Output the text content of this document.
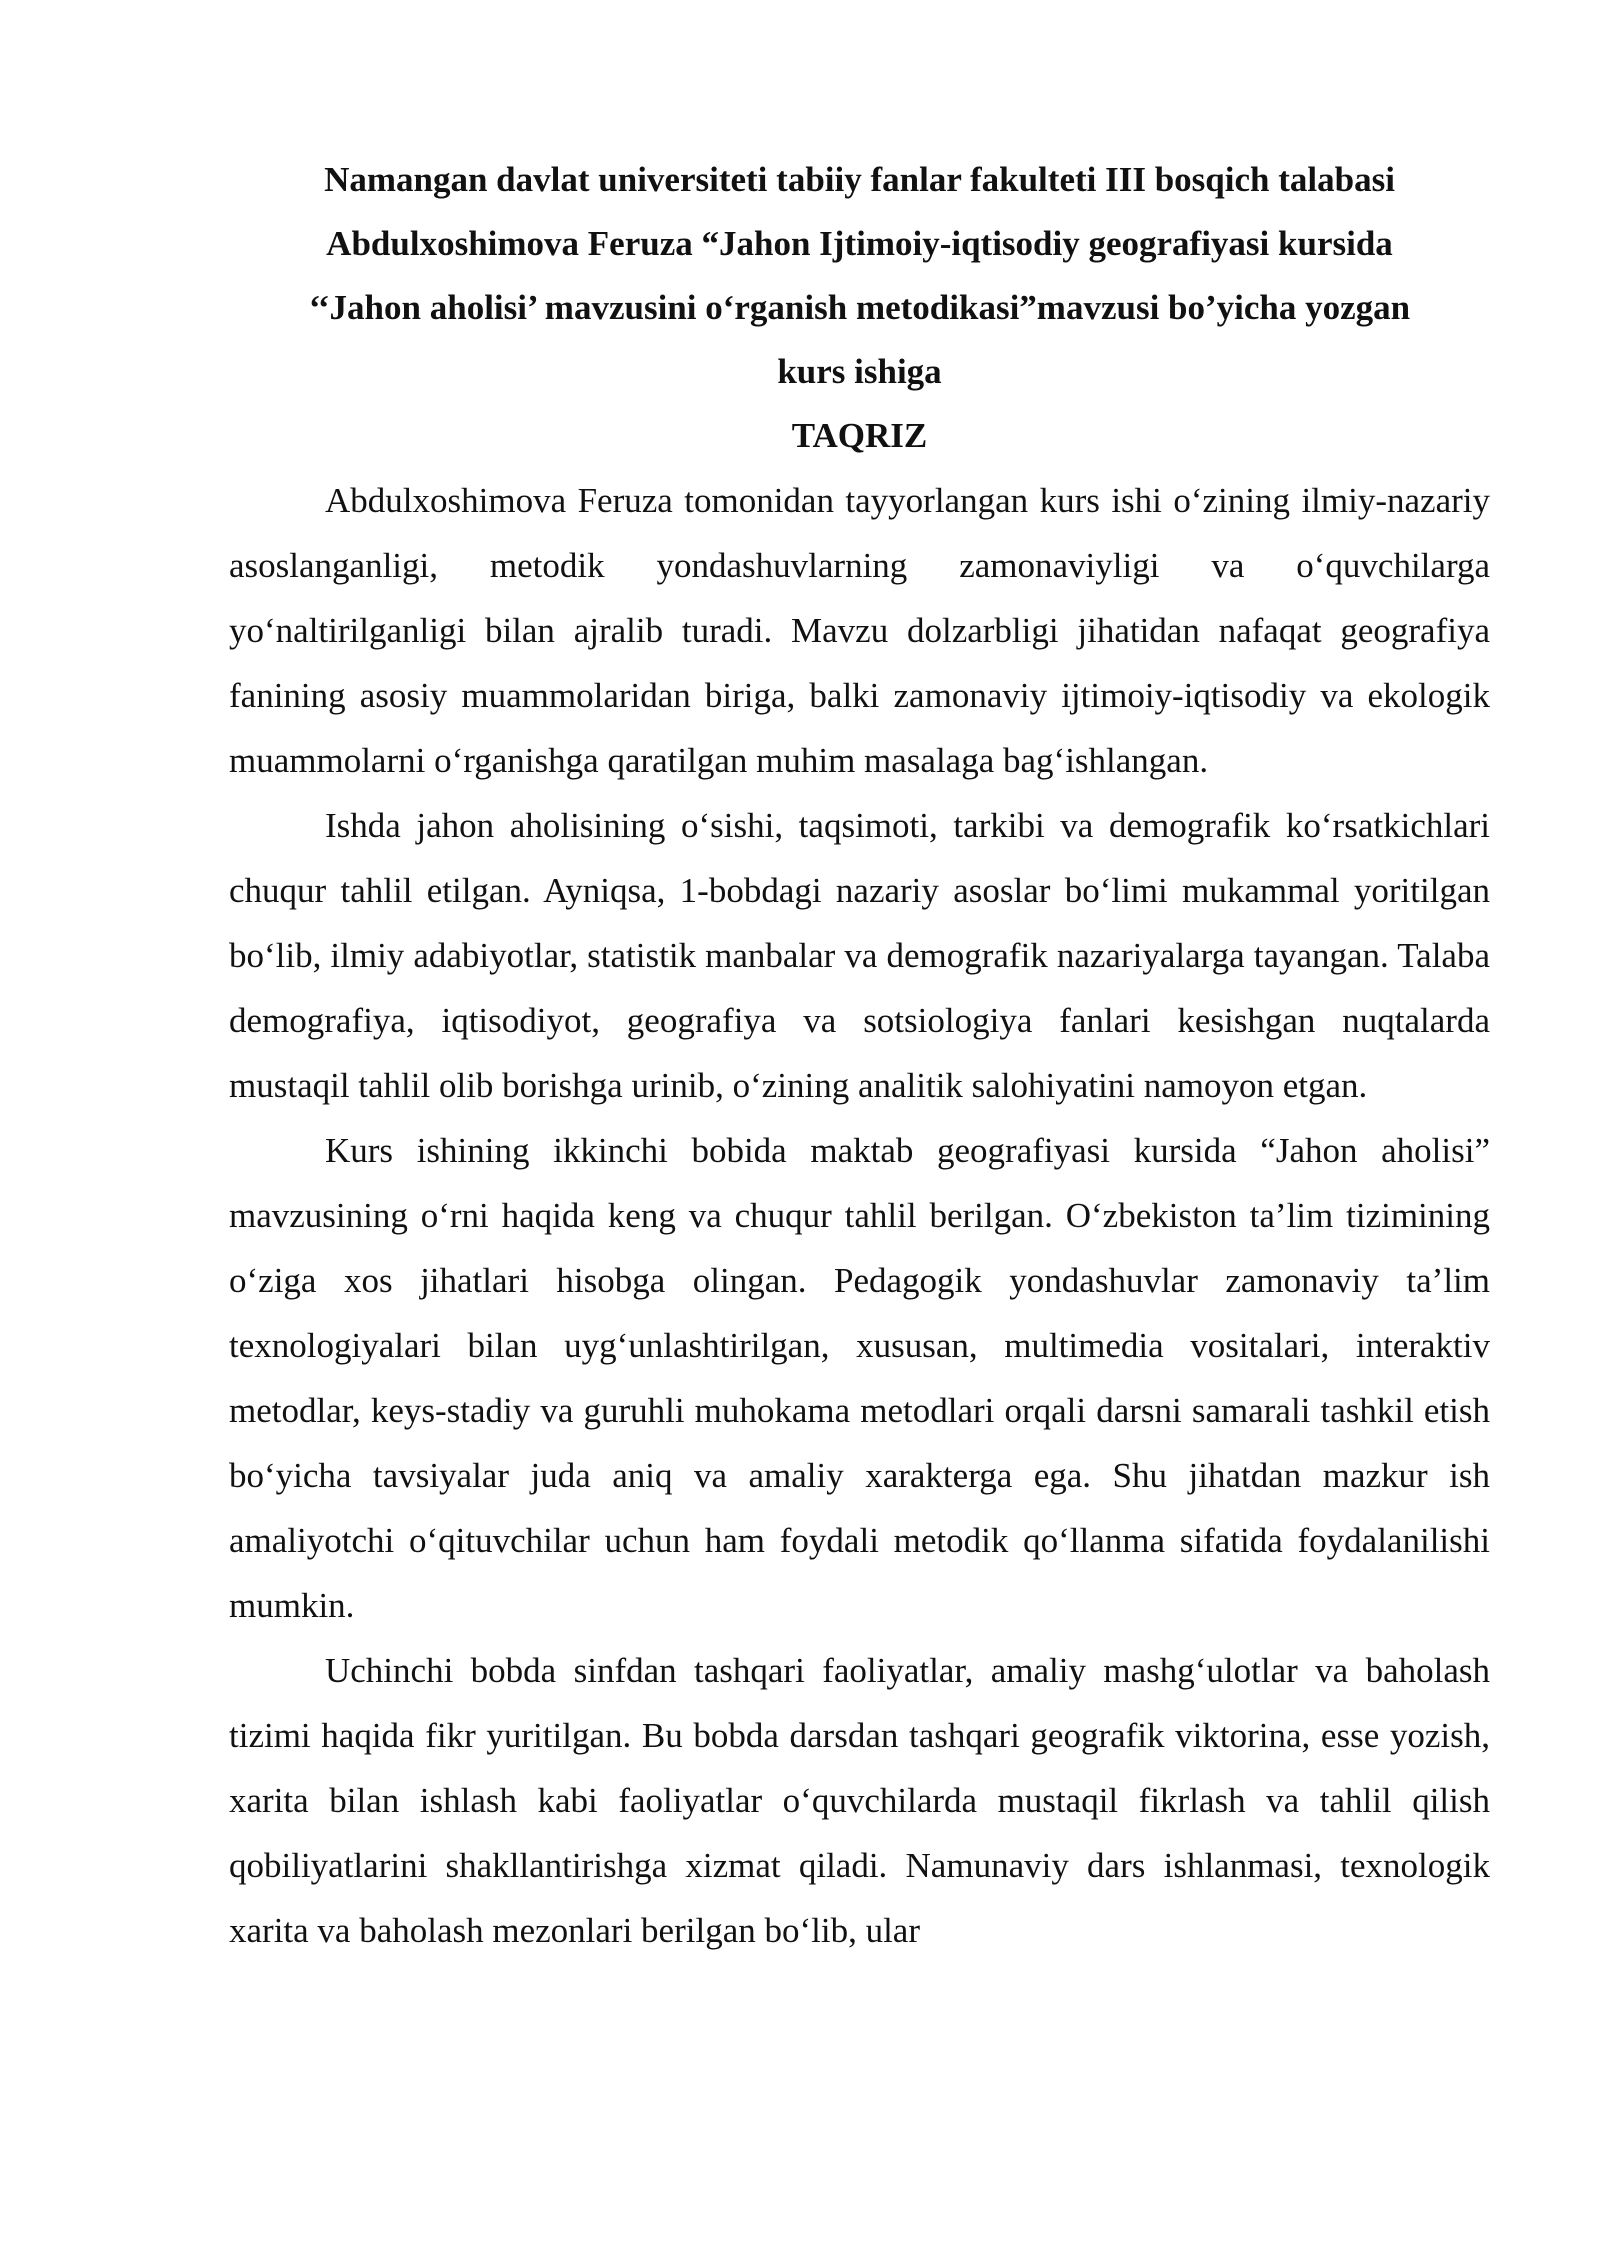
Namangan davlat universiteti tabiiy fanlar fakulteti III bosqich talabasi
Abdulxoshimova Feruza “Jahon Ijtimoiy-iqtisodiy geografiyasi kursida
‘‘Jahon aholisi’ mavzusini o‘rganish metodikasi”mavzusi bo’yicha yozgan
kurs ishiga
TAQRIZ

Abdulxoshimova Feruza tomonidan tayyorlangan kurs ishi o‘zining ilmiy-nazariy asoslanganligi, metodik yondashuvlarning zamonaviyligi va o‘quvchilarga yo‘naltirilganligi bilan ajralib turadi. Mavzu dolzarbligi jihatidan nafaqat geografiya fanining asosiy muammolaridan biriga, balki zamonaviy ijtimoiy-iqtisodiy va ekologik muammolarni o‘rganishga qaratilgan muhim masalaga bag‘ishlangan.

Ishda jahon aholisining o‘sishi, taqsimoti, tarkibi va demografik ko‘rsatkichlari chuqur tahlil etilgan. Ayniqsa, 1-bobdagi nazariy asoslar bo‘limi mukammal yoritilgan bo‘lib, ilmiy adabiyotlar, statistik manbalar va demografik nazariyalarga tayangan. Talaba demografiya, iqtisodiyot, geografiya va sotsiologiya fanlari kesishgan nuqtalarda mustaqil tahlil olib borishga urinib, o‘zining analitik salohiyatini namoyon etgan.

Kurs ishining ikkinchi bobida maktab geografiyasi kursida “Jahon aholisi” mavzusining o‘rni haqida keng va chuqur tahlil berilgan. O‘zbekiston ta’lim tizimining o‘ziga xos jihatlari hisobga olingan. Pedagogik yondashuvlar zamonaviy ta’lim texnologiyalari bilan uyg‘unlashtirilgan, xususan, multimedia vositalari, interaktiv metodlar, keys-stadiy va guruhli muhokama metodlari orqali darsni samarali tashkil etish bo‘yicha tavsiyalar juda aniq va amaliy xarakterga ega. Shu jihatdan mazkur ish amaliyotchi o‘qituvchilar uchun ham foydali metodik qo‘llanma sifatida foydalanilishi mumkin.

Uchinchi bobda sinfdan tashqari faoliyatlar, amaliy mashg‘ulotlar va baholash tizimi haqida fikr yuritilgan. Bu bobda darsdan tashqari geografik viktorina, esse yozish, xarita bilan ishlash kabi faoliyatlar o‘quvchilarda mustaqil fikrlash va tahlil qilish qobiliyatlarini shakllantirishga xizmat qiladi. Namunaviy dars ishlanmasi, texnologik xarita va baholash mezonlari berilgan bo‘lib, ular
